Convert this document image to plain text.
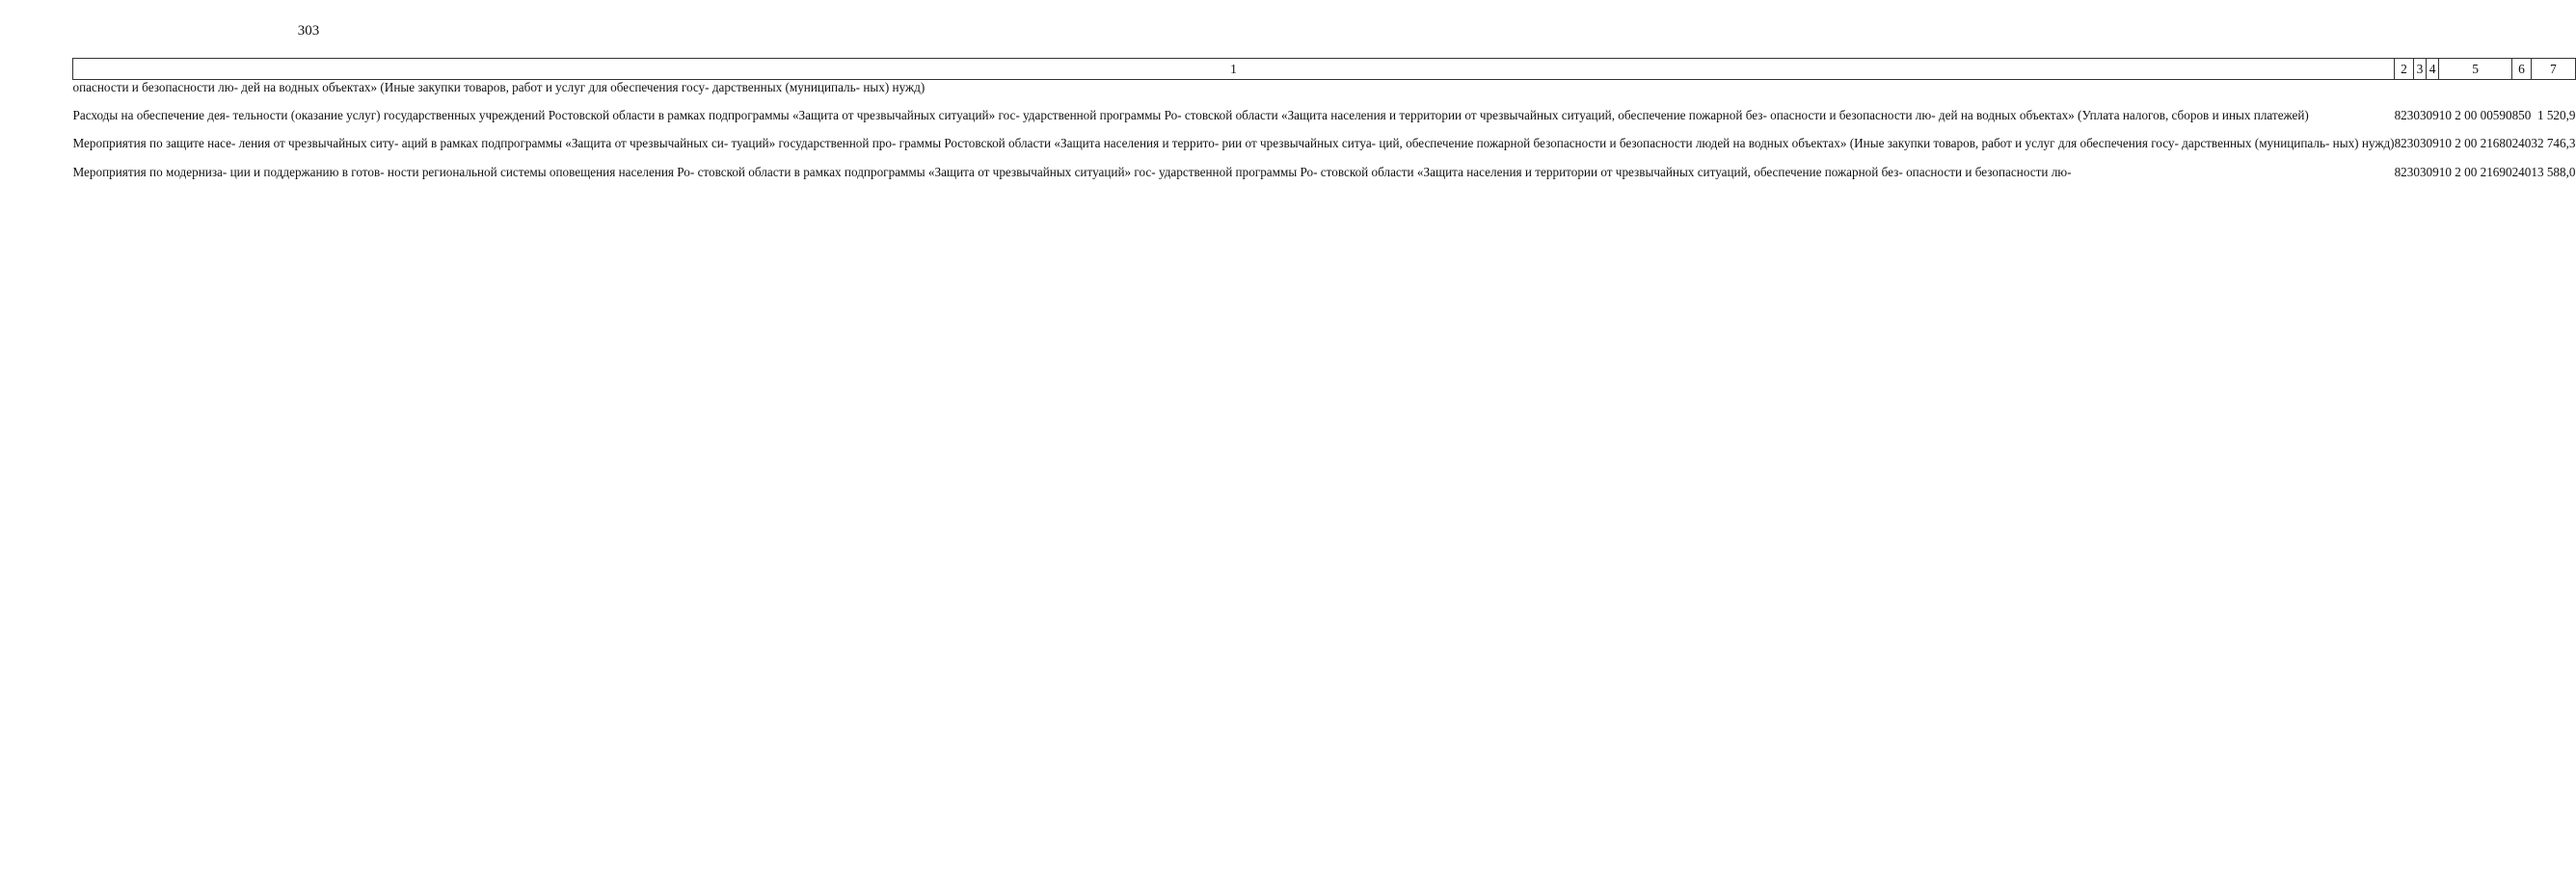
303
1	2	3	4	5	6	7
опасности и безопасности лю- дей на водных объектах» (Иные закупки товаров, работ и услуг для обеспечения госу- дарственных (муниципаль- ных) нужд)						

Расходы на обеспечение дея- тельности (оказание услуг) государственных учреждений Ростовской области в рамках подпрограммы «Защита от чрезвычайных ситуаций» гос- ударственной программы Ро- стовской области «Защита населения и территории от чрезвычайных ситуаций, обеспечение пожарной без- опасности и безопасности лю- дей на водных объектах» (Уплата налогов, сборов и иных платежей)	823	03	09	10 2 00 00590	850	1 520,9

Мероприятия по защите насе- ления от чрезвычайных ситу- аций в рамках подпрограммы «Защита от чрезвычайных си- туаций» государственной про- граммы Ростовской области «Защита населения и террито- рии от чрезвычайных ситуа- ций, обеспечение пожарной безопасности и безопасности людей на водных объектах» (Иные закупки товаров, работ и услуг для обеспечения госу- дарственных (муниципаль- ных) нужд)	823	03	09	10 2 00 21680	240	32 746,3

Мероприятия по модерниза- ции и поддержанию в готов- ности региональной системы оповещения населения Ро- стовской области в рамках подпрограммы «Защита от чрезвычайных ситуаций» гос- ударственной программы Ро- стовской области «Защита населения и территории от чрезвычайных ситуаций, обеспечение пожарной без- опасности и безопасности лю-	823	03	09	10 2 00 21690	240	13 588,0
